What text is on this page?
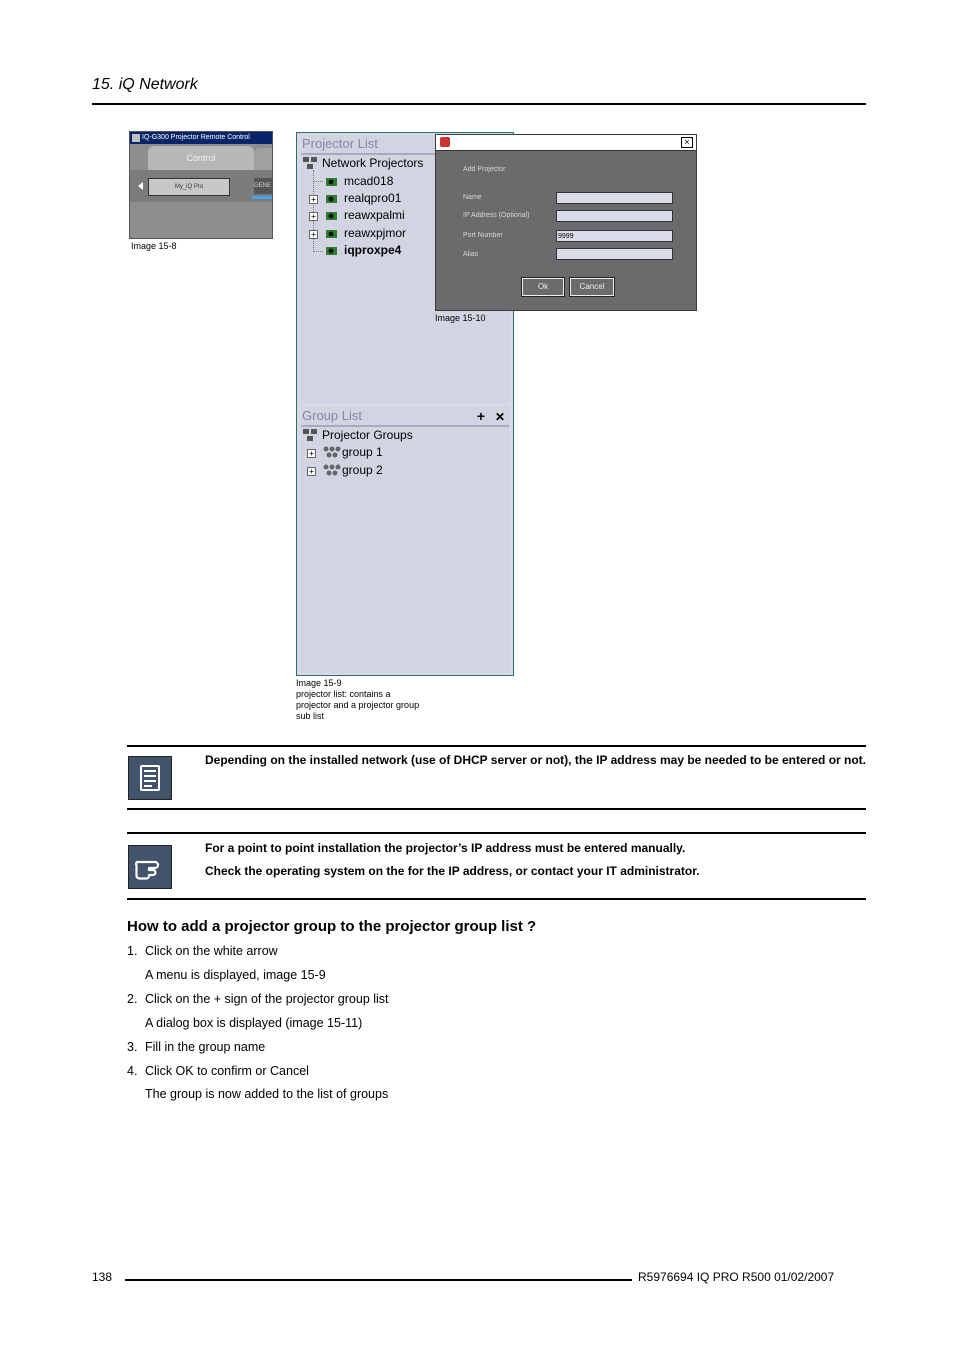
15. iQ Network
IQ-G300 Projector Remote Control
Control
My_iQ Pro	GENE
Image 15-8
Projector List
Network Projectors
mcad018
+	realqpro01
+	reawxpalmi
+	reawxpjmor
iqproxpe4
Group List	+ ✕
Projector Groups
+	group 1
+	group 2
Image 15-9
projector list: contains a
projector and a projector group
sub list
×
Add Projector
Name
IP Address (Optional)
Port Number	9999
Alias
Ok	Cancel
Image 15-10
Depending on the installed network (use of DHCP server or not), the IP address may be needed to be entered or not.
For a point to point installation the projector’s IP address must be entered manually.
Check the operating system on the for the IP address, or contact your IT administrator.
How to add a projector group to the projector group list ?
1. Click on the white arrow
A menu is displayed, image 15-9
2. Click on the + sign of the projector group list
A dialog box is displayed (image 15-11)
3. Fill in the group name
4. Click OK to confirm or Cancel
The group is now added to the list of groups
138	R5976694 IQ PRO R500 01/02/2007
